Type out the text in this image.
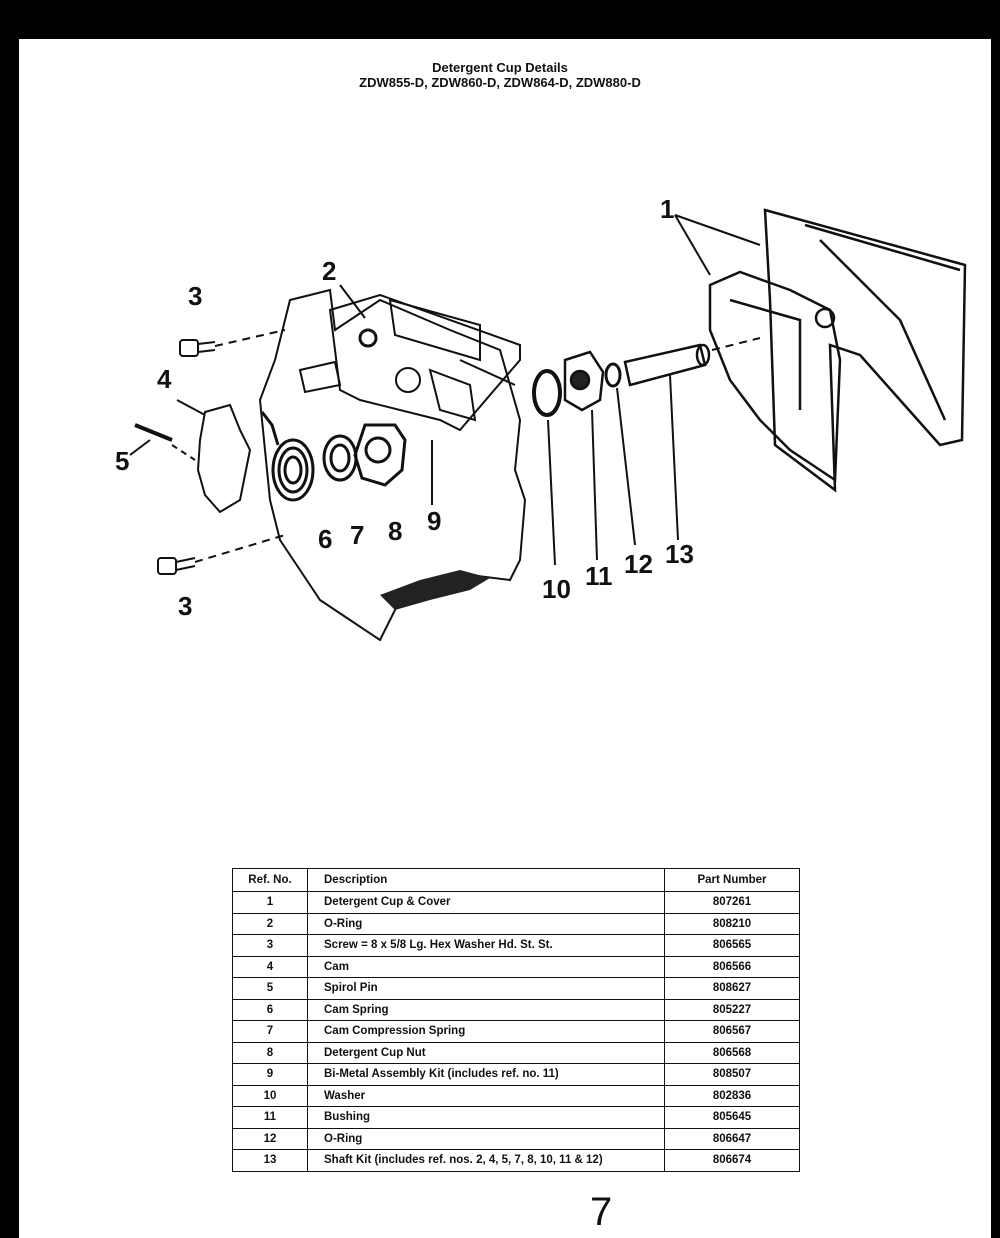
Detergent Cup Details
ZDW855-D, ZDW860-D, ZDW864-D, ZDW880-D
1
2
3
3
4
5
6 7 8 9
10 11 12 13
Ref. No.	Description	Part Number
1	Detergent Cup & Cover	807261
2	O-Ring	808210
3	Screw = 8 x 5/8 Lg. Hex Washer Hd. St. St.	806565
4	Cam	806566
5	Spirol Pin	808627
6	Cam Spring	805227
7	Cam Compression Spring	806567
8	Detergent Cup Nut	806568
9	Bi-Metal Assembly Kit (includes ref. no. 11)	808507
10	Washer	802836
11	Bushing	805645
12	O-Ring	806647
13	Shaft Kit (includes ref. nos. 2, 4, 5, 7, 8, 10, 11 & 12)	806674
7
